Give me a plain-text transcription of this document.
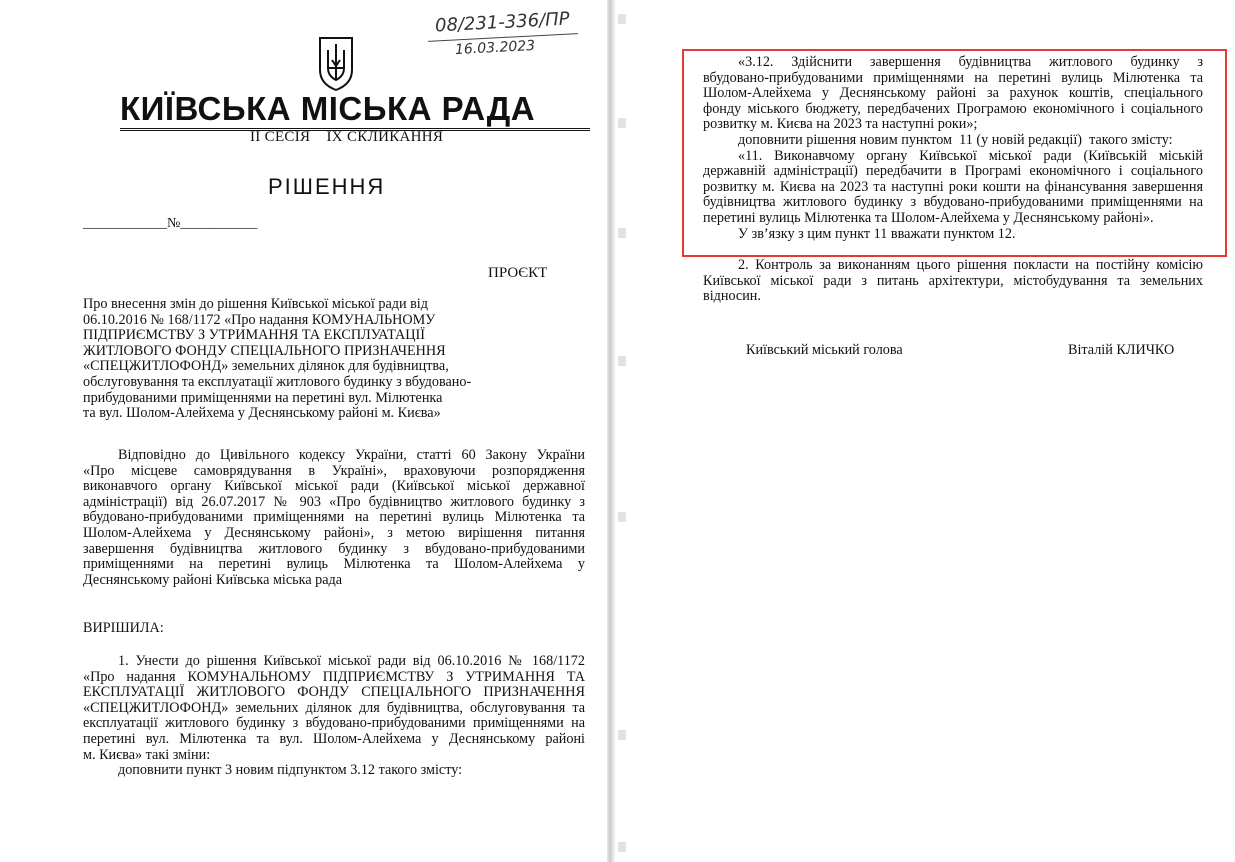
08/231-336/ПР
16.03.2023
КИЇВСЬКА МІСЬКА РАДА
II СЕСІЯ    IX СКЛИКАННЯ
РІШЕННЯ
____________№___________
ПРОЄКТ
Про внесення змін до рішення Київської міської ради від
06.10.2016 № 168/1172 «Про надання КОМУНАЛЬНОМУ
ПІДПРИЄМСТВУ З УТРИМАННЯ ТА ЕКСПЛУАТАЦІЇ
ЖИТЛОВОГО ФОНДУ СПЕЦІАЛЬНОГО ПРИЗНАЧЕННЯ
«СПЕЦЖИТЛОФОНД» земельних ділянок для будівництва,
обслуговування та експлуатації житлового будинку з вбудовано-
прибудованими приміщеннями на перетині вул. Мілютенка
та вул. Шолом-Алейхема у Деснянському районі м. Києва»
Відповідно до Цивільного кодексу України, статті 60 Закону України
«Про місцеве самоврядування в Україні», враховуючи розпорядження
виконавчого органу Київської міської ради (Київської міської державної
адміністрації) від 26.07.2017 № 903 «Про будівництво житлового будинку з
вбудовано-прибудованими приміщеннями на перетині вулиць Мілютенка та
Шолом-Алейхема у Деснянському районі», з метою вирішення питання
завершення будівництва житлового будинку з вбудовано-прибудованими
приміщеннями на перетині вулиць Мілютенка та Шолом-Алейхема у
Деснянському районі Київська міська рада
ВИРІШИЛА:
1. Унести до рішення Київської міської ради від 06.10.2016 № 168/1172
«Про надання КОМУНАЛЬНОМУ ПІДПРИЄМСТВУ З УТРИМАННЯ ТА
ЕКСПЛУАТАЦІЇ ЖИТЛОВОГО ФОНДУ СПЕЦІАЛЬНОГО ПРИЗНАЧЕННЯ
«СПЕЦЖИТЛОФОНД» земельних ділянок для будівництва, обслуговування та
експлуатації житлового будинку з вбудовано-прибудованими приміщеннями на
перетині вул. Мілютенка та вул. Шолом-Алейхема у Деснянському районі
м. Києва» такі зміни:
доповнити пункт 3 новим підпунктом 3.12 такого змісту:
«3.12. Здійснити завершення будівництва житлового будинку з
вбудовано-прибудованими приміщеннями на перетині вулиць Мілютенка та
Шолом-Алейхема у Деснянському районі за рахунок коштів, спеціального
фонду міського бюджету, передбачених Програмою економічного і соціального
розвитку м. Києва на 2023 та наступні роки»;
доповнити рішення новим пунктом  11 (у новій редакції)  такого змісту:
«11. Виконавчому органу Київської міської ради (Київській міській
державній адміністрації) передбачити в Програмі економічного і соціального
розвитку м. Києва на 2023 та наступні роки кошти на фінансування завершення
будівництва житлового будинку з вбудовано-прибудованими приміщеннями на
перетині вулиць Мілютенка та Шолом-Алейхема у Деснянському районі».
У зв’язку з цим пункт 11 вважати пунктом 12.
2. Контроль за виконанням цього рішення покласти на постійну комісію
Київської міської ради з питань архітектури, містобудування та земельних
відносин.
Київський міський голова	Віталій КЛИЧКО
